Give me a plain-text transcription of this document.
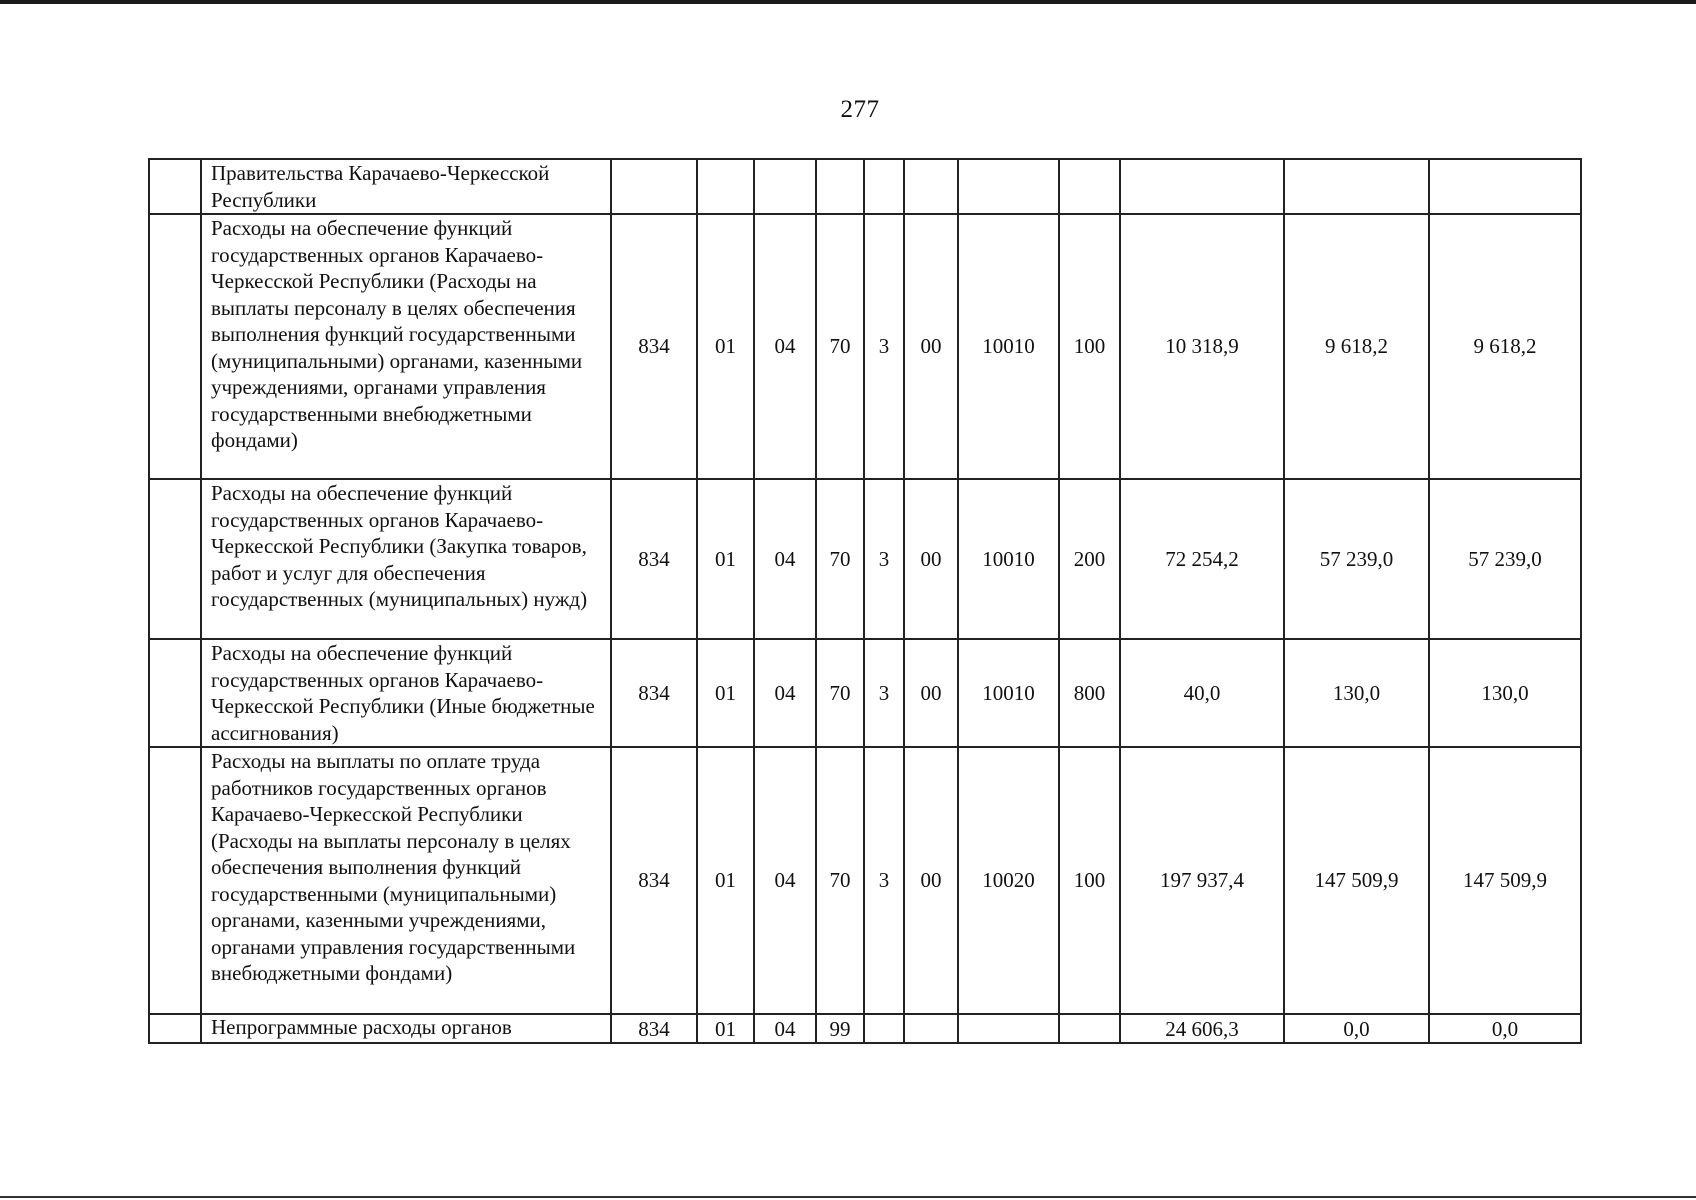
277
	Правительства Карачаево-Черкесской Республики											
	Расходы на обеспечение функций государственных органов Карачаево-Черкесской Республики (Расходы на выплаты персоналу в целях обеспечения выполнения функций государственными (муниципальными) органами, казенными учреждениями, органами управления государственными внебюджетными фондами)	834	01	04	70	3	00	10010	100	10 318,9	9 618,2	9 618,2
	Расходы на обеспечение функций государственных органов Карачаево-Черкесской Республики (Закупка товаров, работ и услуг для обеспечения государственных (муниципальных) нужд)	834	01	04	70	3	00	10010	200	72 254,2	57 239,0	57 239,0
	Расходы на обеспечение функций государственных органов Карачаево-Черкесской Республики (Иные бюджетные ассигнования)	834	01	04	70	3	00	10010	800	40,0	130,0	130,0
	Расходы на выплаты по оплате труда работников государственных органов Карачаево-Черкесской Республики (Расходы на выплаты персоналу в целях обеспечения выполнения функций государственными (муниципальными) органами, казенными учреждениями, органами управления государственными внебюджетными фондами)	834	01	04	70	3	00	10020	100	197 937,4	147 509,9	147 509,9
	Непрограммные расходы органов	834	01	04	99					24 606,3	0,0	0,0
